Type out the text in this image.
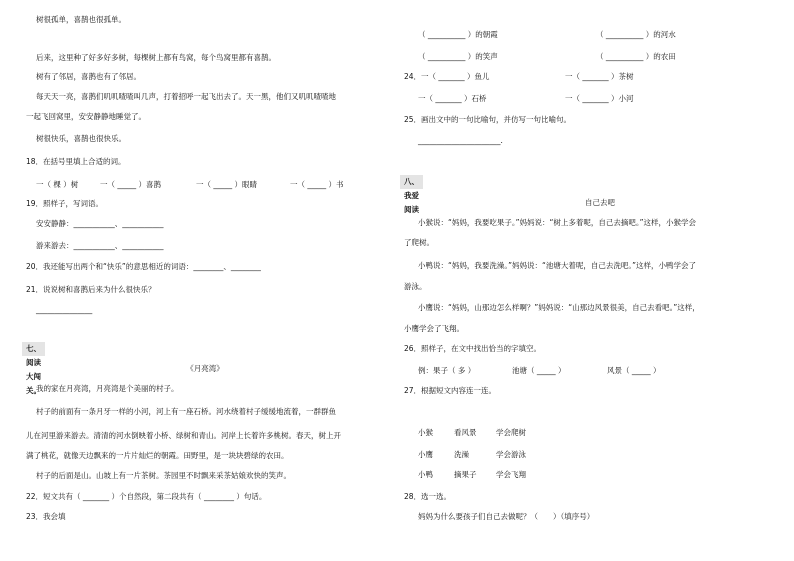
树很孤单，喜鹊也很孤单。
后来，这里种了好多好多树，每棵树上都有鸟窝，每个鸟窝里都有喜鹊。
树有了邻居，喜鹊也有了邻居。
每天天一亮，喜鹊们叽叽喳喳叫几声，打着招呼一起飞出去了。天一黑，他们又叽叽喳喳地
一起飞回窝里，安安静静地睡觉了。
树很快乐，喜鹊也很快乐。
18．在括号里填上合适的词。
一（ 棵 ）树	一（ _____ ）喜鹊	一（ _____ ）眼睛	一（ _____ ）书
19．照样子，写词语。
安安静静：___________、___________
游来游去：___________、___________
20．我还能写出两个和“快乐”的意思相近的词语：________、________
21．说说树和喜鹊后来为什么很快乐？
_______________
七、阅读大闯关。
《月亮湾》
我的家在月亮湾，月亮湾是个美丽的村子。
村子的前面有一条月牙一样的小河，河上有一座石桥。河水绕着村子缓缓地流着，一群群鱼
儿在河里游来游去。清清的河水倒映着小桥、绿树和青山。河岸上长着许多桃树。春天，树上开
满了桃花，就像天边飘来的一片片灿烂的朝霞。田野里，是一块块碧绿的农田。
村子的后面是山。山坡上有一片茶树。茶园里不时飘来采茶姑娘欢快的笑声。
22．短文共有（ _______ ）个自然段，第二段共有（ ________ ）句话。
23．我会填
（ __________ ）的朝霞	（ __________ ）的河水
（ __________ ）的笑声	（ __________ ）的农田
24．一（ _______ ）鱼儿	一（ _______ ）茶树
一（ _______ ）石桥	一（ _______ ）小河
25．画出文中的一句比喻句，并仿写一句比喻句。
______________________.
八、我爱阅读
自己去吧
小猴说：“妈妈，我要吃果子。”妈妈说：“树上多着呢，自己去摘吧。”这样，小猴学会
了爬树。
小鸭说：“妈妈，我要洗澡。”妈妈说：“池塘大着呢，自己去洗吧。”这样，小鸭学会了
游泳。
小鹰说：“妈妈，山那边怎么样啊？”妈妈说：“山那边风景很美，自己去看吧。”这样，
小鹰学会了飞翔。
26．照样子，在文中找出恰当的字填空。
例：果子（ 多 ）	池塘（ _____ ）	风景（ _____ ）
27．根据短文内容连一连。
小猴	看风景	学会爬树
小鹰	洗澡	学会游泳
小鸭	摘果子	学会飞翔
28．选一选。
妈妈为什么要孩子们自己去做呢？（　　）（填序号）
